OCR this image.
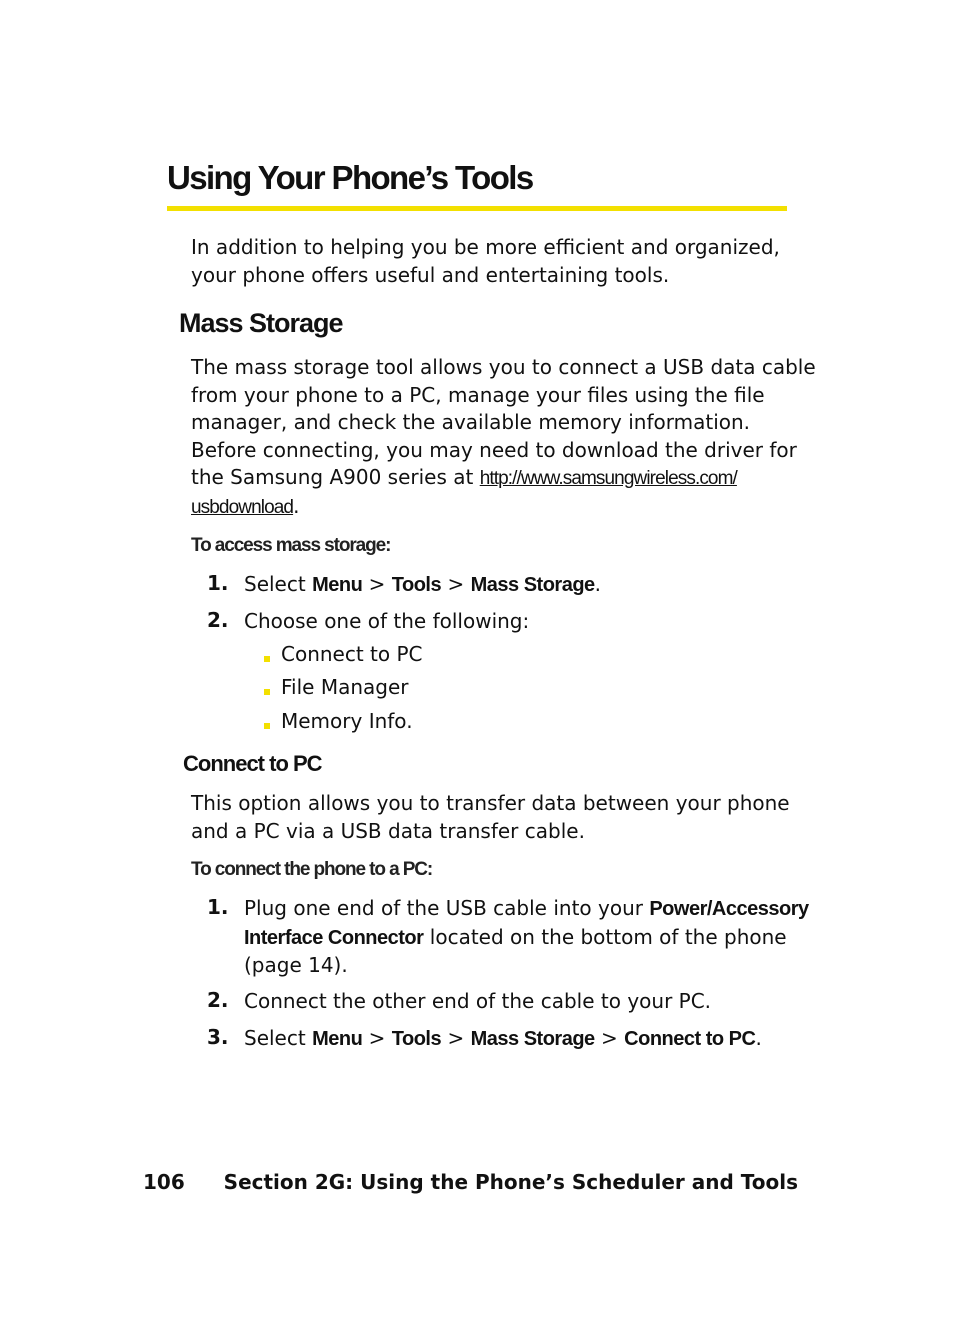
Using Your Phone’s Tools
In addition to helping you be more efficient and organized,
your phone offers useful and entertaining tools.
Mass Storage
The mass storage tool allows you to connect a USB data cable
from your phone to a PC, manage your files using the file
manager, and check the available memory information.
Before connecting, you may need to download the driver for
the Samsung A900 series at http://www.samsungwireless.com/
usbdownload.
To access mass storage:
1. Select Menu > Tools > Mass Storage.
2. Choose one of the following:
Connect to PC
File Manager
Memory Info.
Connect to PC
This option allows you to transfer data between your phone
and a PC via a USB data transfer cable.
To connect the phone to a PC:
1. Plug one end of the USB cable into your Power/Accessory
Interface Connector located on the bottom of the phone
(page 14).
2. Connect the other end of the cable to your PC.
3. Select Menu > Tools > Mass Storage > Connect to PC.
106 Section 2G: Using the Phone’s Scheduler and Tools
